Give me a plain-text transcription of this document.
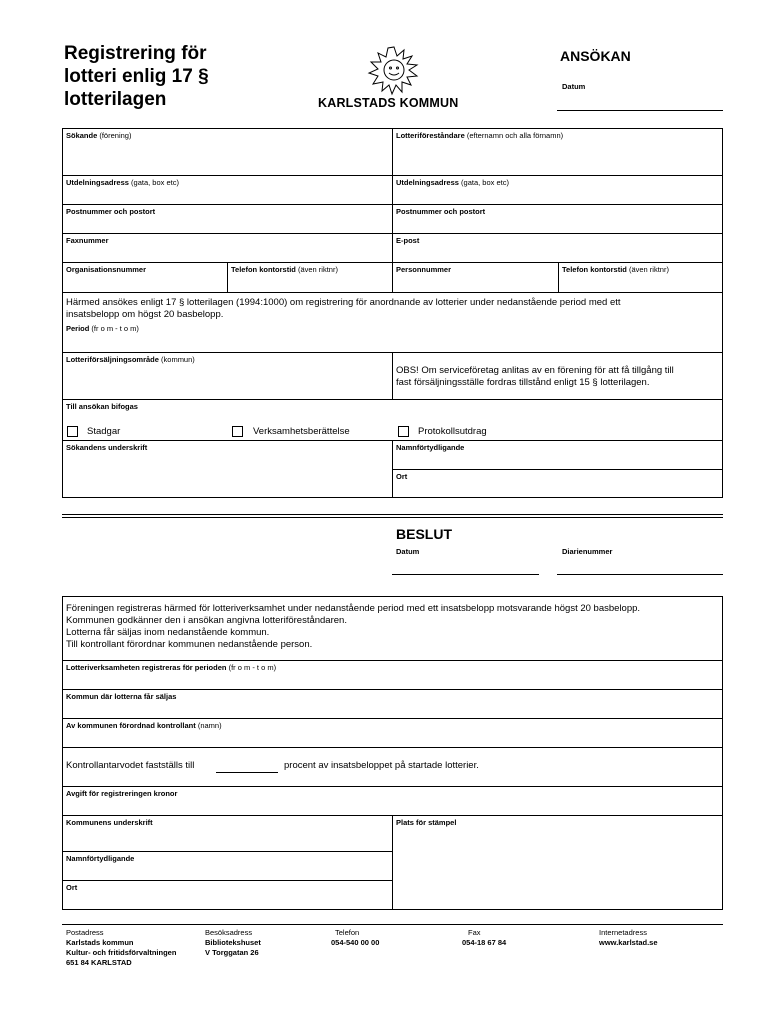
Registrering för
lotteri enlig 17 §
lotterilagen	KARLSTADS KOMMUN
ANSÖKAN
Datum
Sökande (förening)	Lotteriföreståndare (efternamn och alla förnamn)
Utdelningsadress (gata, box etc)	Utdelningsadress (gata, box etc)
Postnummer och postort	Postnummer och postort
Faxnummer	E-post
Organisationsnummer	Telefon kontorstid (även riktnr)	Personnummer	Telefon kontorstid (även riktnr)
Härmed ansökes enligt 17 § lotterilagen (1994:1000) om registrering för anordnande av lotterier under nedanstående period med ett
insatsbelopp om högst 20 basbelopp.
Period (fr o m - t o m)
Lotteriförsäljningsområde (kommun)
OBS! Om serviceföretag anlitas av en förening för att få tillgång till
fast försäljningsställe fordras tillstånd enligt 15 § lotterilagen.
Till ansökan bifogas
Stadgar	Verksamhetsberättelse	Protokollsutdrag
Sökandens underskrift	Namnförtydligande
Ort
BESLUT
Datum	Diarienummer
Föreningen registreras härmed för lotteriverksamhet under nedanstående period med ett insatsbelopp motsvarande högst 20 basbelopp.
Kommunen godkänner den i ansökan angivna lotteriföreståndaren.
Lotterna får säljas inom nedanstående kommun.
Till kontrollant förordnar kommunen nedanstående person.
Lotteriverksamheten registreras för perioden (fr o m - t o m)
Kommun där lotterna får säljas
Av kommunen förordnad kontrollant (namn)
Kontrollantarvodet fastställs till	procent av insatsbeloppet på startade lotterier.
Avgift för registreringen kronor
Kommunens underskrift	Plats för stämpel
Namnförtydligande
Ort
Postadress
Karlstads kommun
Kultur- och fritidsförvaltningen
651 84 KARLSTAD
Besöksadress
Bibliotekshuset
V Torggatan 26
Telefon
054-540 00 00
Fax
054-18 67 84
Internetadress
www.karlstad.se
